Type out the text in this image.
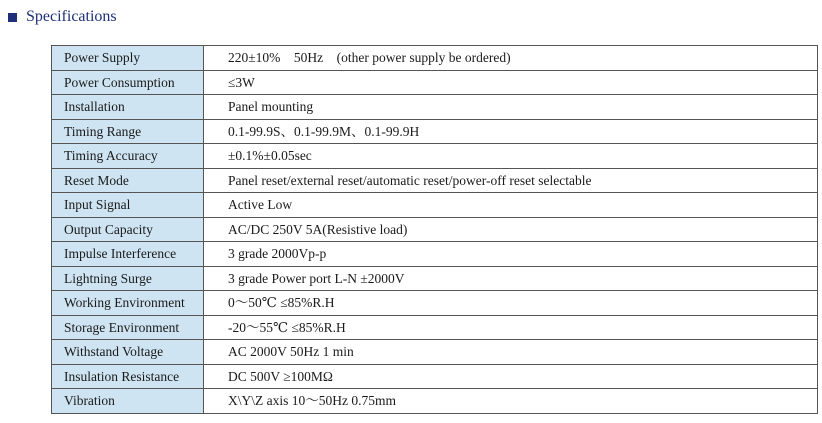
Specifications
Power Supply	220±10%　50Hz　(other power supply be ordered)
Power Consumption	≤3W
Installation	Panel mounting
Timing Range	0.1-99.9S、0.1-99.9M、0.1-99.9H
Timing Accuracy	±0.1%±0.05sec
Reset Mode	Panel reset/external reset/automatic reset/power-off reset selectable
Input Signal	Active Low
Output Capacity	AC/DC 250V 5A(Resistive load)
Impulse Interference	3 grade 2000Vp-p
Lightning Surge	3 grade Power port L-N ±2000V
Working Environment	0～50℃ ≤85%R.H
Storage Environment	-20～55℃ ≤85%R.H
Withstand Voltage	AC 2000V 50Hz 1 min
Insulation Resistance	DC 500V ≥100MΩ
Vibration	X\Y\Z axis 10～50Hz 0.75mm
